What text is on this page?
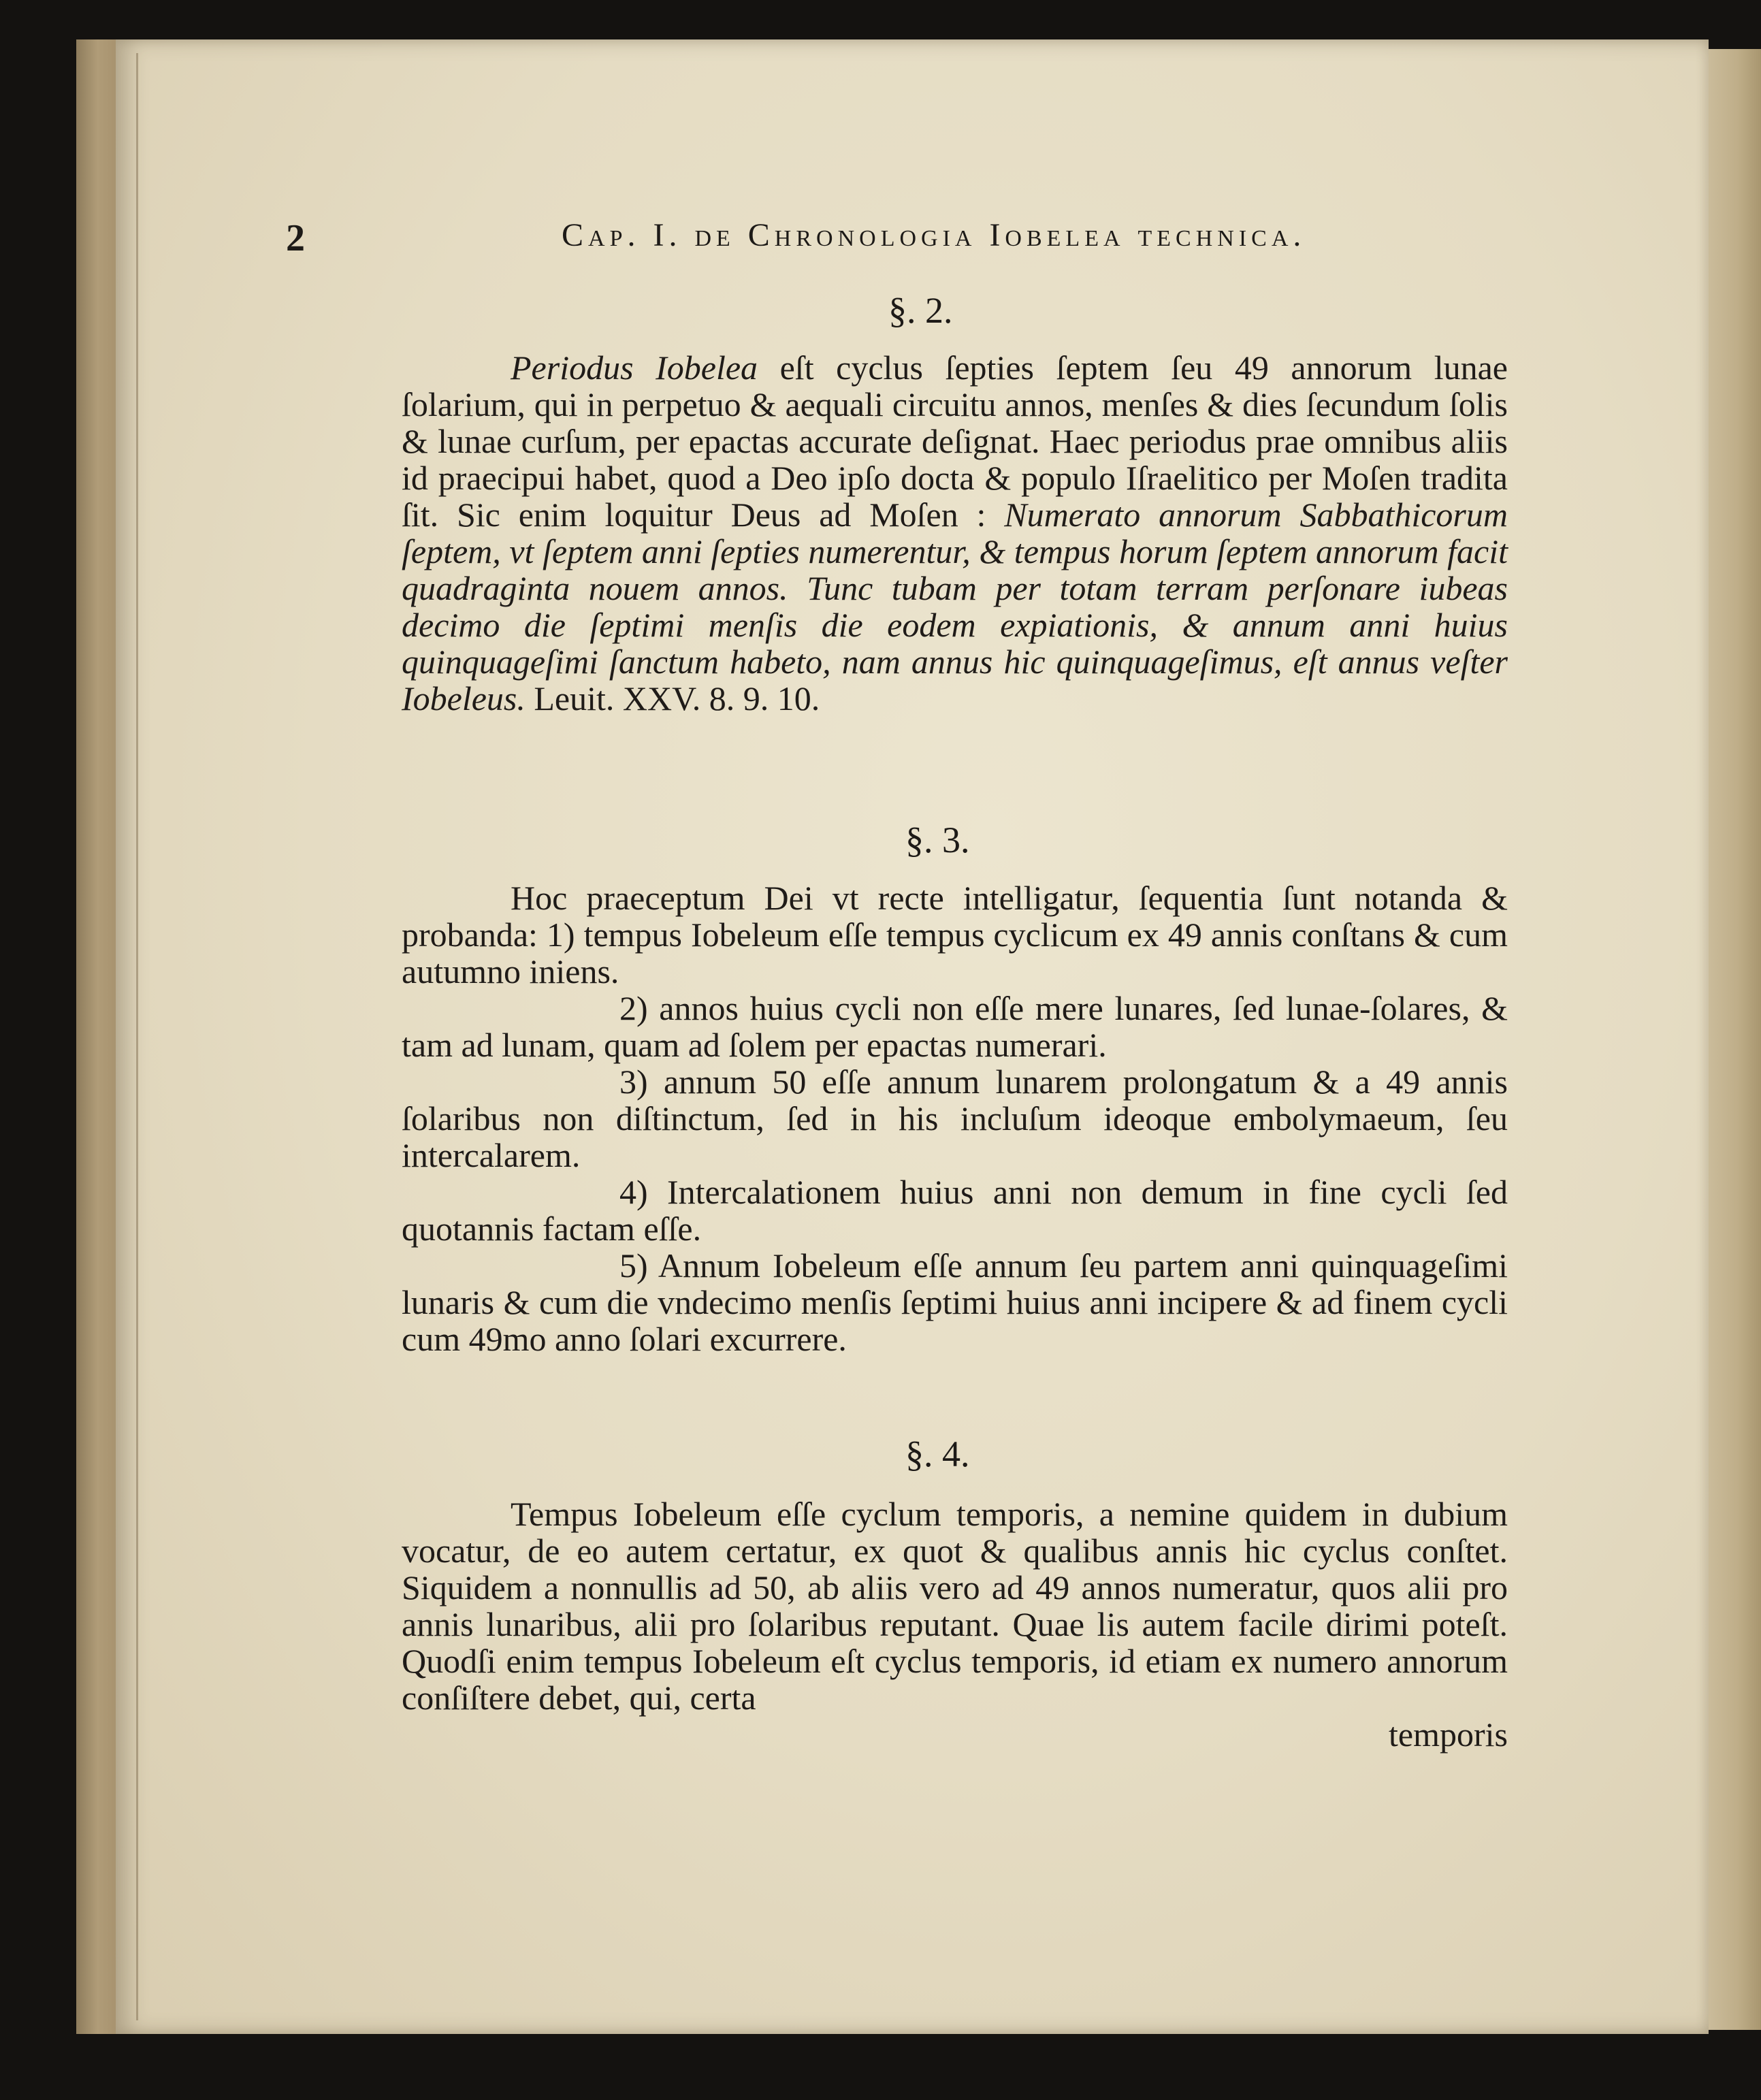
2	Cap. I. de Chronologia Iobelea technica.
§. 2.

Periodus Iobelea eſt cyclus ſepties ſeptem ſeu 49 annorum lunae ſolarium, qui in perpetuo & aequali circuitu annos, menſes & dies ſecundum ſolis & lunae curſum, per epactas accurate deſignat. Haec periodus prae omnibus aliis id praecipui habet, quod a Deo ipſo docta & populo Iſraelitico per Moſen tradita ſit. Sic enim loquitur Deus ad Moſen : Numerato annorum Sabbathicorum ſeptem, vt ſeptem anni ſepties numerentur, & tempus horum ſeptem annorum facit quadraginta nouem annos. Tunc tubam per totam terram perſonare iubeas decimo die ſeptimi menſis die eodem expiationis, & annum anni huius quinquageſimi ſanctum habeto, nam annus hic quinquageſimus, eſt annus veſter Iobeleus. Leuit. XXV. 8. 9. 10.

§. 3.

Hoc praeceptum Dei vt recte intelligatur, ſequentia ſunt notanda & probanda: 1) tempus Iobeleum eſſe tempus cyclicum ex 49 annis conſtans & cum autumno iniens.

2) annos huius cycli non eſſe mere lunares, ſed lunae-ſolares, & tam ad lunam, quam ad ſolem per epactas numerari.

3) annum 50 eſſe annum lunarem prolongatum & a 49 annis ſolaribus non diſtinctum, ſed in his incluſum ideoque embolymaeum, ſeu intercalarem.

4) Intercalationem huius anni non demum in fine cycli ſed quotannis factam eſſe.

5) Annum Iobeleum eſſe annum ſeu partem anni quinquageſimi lunaris & cum die vndecimo menſis ſeptimi huius anni incipere & ad finem cycli cum 49mo anno ſolari excurrere.

§. 4.

Tempus Iobeleum eſſe cyclum temporis, a nemine quidem in dubium vocatur, de eo autem certatur, ex quot & qualibus annis hic cyclus conſtet. Siquidem a nonnullis ad 50, ab aliis vero ad 49 annos numeratur, quos alii pro annis lunaribus, alii pro ſolaribus reputant. Quae lis autem facile dirimi poteſt. Quodſi enim tempus Iobeleum eſt cyclus temporis, id etiam ex numero annorum conſiſtere debet, qui, certa

temporis
